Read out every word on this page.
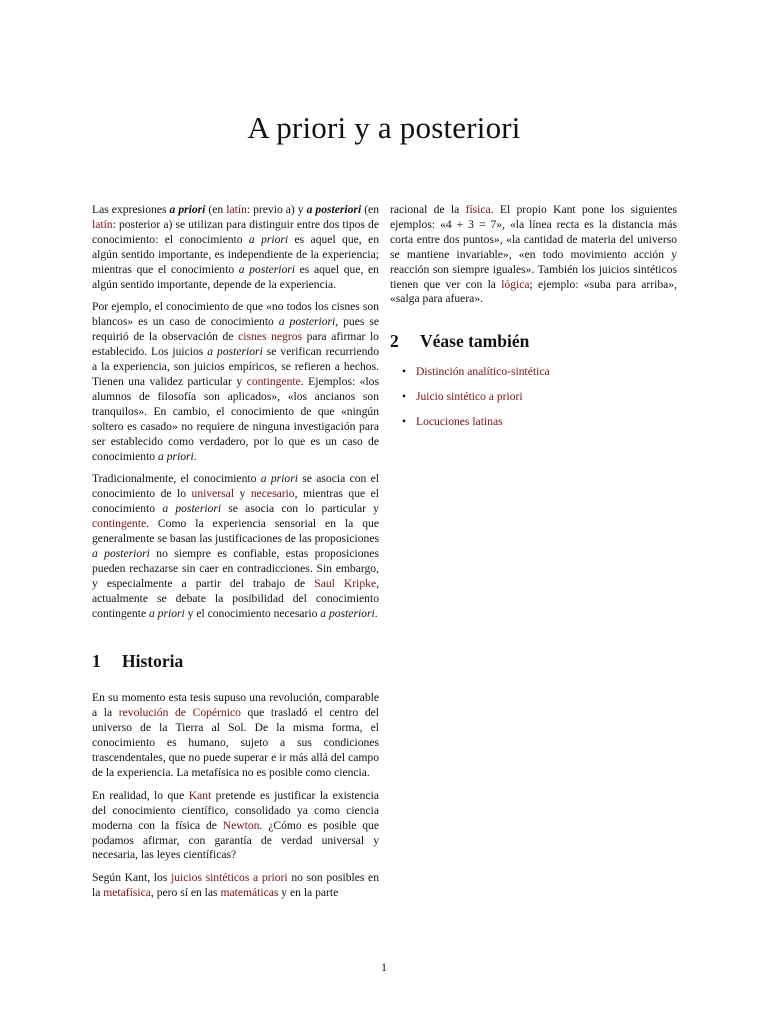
A priori y a posteriori

Las expresiones a priori (en latín: previo a) y a posteriori (en latín: posterior a) se utilizan para distinguir entre dos tipos de conocimiento: el conocimiento a priori es aquel que, en algún sentido importante, es independiente de la experiencia; mientras que el conocimiento a posteriori es aquel que, en algún sentido importante, depende de la experiencia.

Por ejemplo, el conocimiento de que «no todos los cisnes son blancos» es un caso de conocimiento a posteriori, pues se requirió de la observación de cisnes negros para afirmar lo establecido. Los juicios a posteriori se verifican recurriendo a la experiencia, son juicios empíricos, se refieren a hechos. Tienen una validez particular y contingente. Ejemplos: «los alumnos de filosofía son aplicados», «los ancianos son tranquilos». En cambio, el conocimiento de que «ningún soltero es casado» no requiere de ninguna investigación para ser establecido como verdadero, por lo que es un caso de conocimiento a priori.

Tradicionalmente, el conocimiento a priori se asocia con el conocimiento de lo universal y necesario, mientras que el conocimiento a posteriori se asocia con lo particular y contingente. Como la experiencia sensorial en la que generalmente se basan las justificaciones de las proposiciones a posteriori no siempre es confiable, estas proposiciones pueden rechazarse sin caer en contradicciones. Sin embargo, y especialmente a partir del trabajo de Saul Kripke, actualmente se debate la posibilidad del conocimiento contingente a priori y el conocimiento necesario a posteriori.

1 Historia

En su momento esta tesis supuso una revolución, comparable a la revolución de Copérnico que trasladó el centro del universo de la Tierra al Sol. De la misma forma, el conocimiento es humano, sujeto a sus condiciones trascendentales, que no puede superar e ir más allá del campo de la experiencia. La metafísica no es posible como ciencia.

En realidad, lo que Kant pretende es justificar la existencia del conocimiento científico, consolidado ya como ciencia moderna con la física de Newton. ¿Cómo es posible que podamos afirmar, con garantía de verdad universal y necesaria, las leyes científicas?

Según Kant, los juicios sintéticos a priori no son posibles en la metafísica, pero sí en las matemáticas y en la parte

racional de la física. El propio Kant pone los siguientes ejemplos: «4 + 3 = 7», «la línea recta es la distancia más corta entre dos puntos», «la cantidad de materia del universo se mantiene invariable», «en todo movimiento acción y reacción son siempre iguales». También los juicios sintéticos tienen que ver con la lógica; ejemplo: «suba para arriba», «salga para afuera».

2 Véase también
• Distinción analítico-sintética
• Juicio sintético a priori
• Locuciones latinas
1
